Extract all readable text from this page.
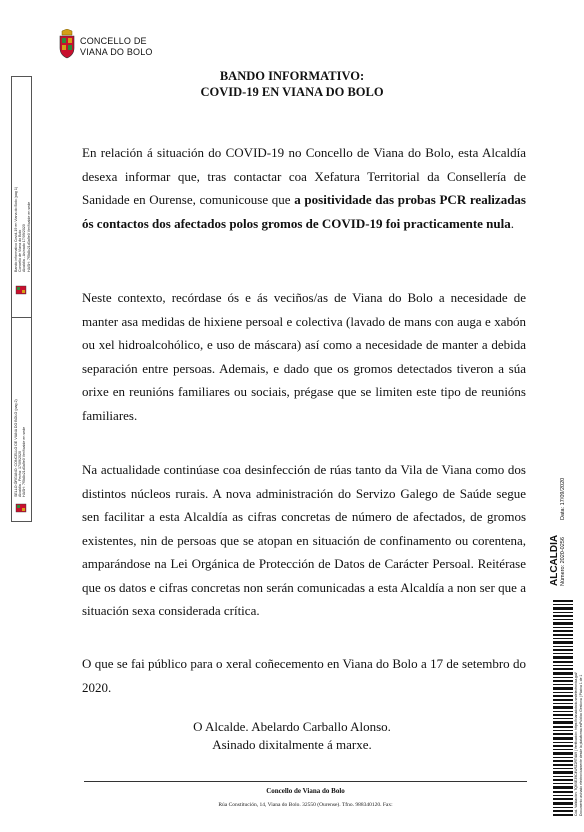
CONCELLO DE
VIANA DO BOLO
Bando informativo Covid-19 en Viana do Bolo (pag 1)
Concello de Viana do Bolo
Alcaldía - Asinado 17/09/2020
HASH: 7f5b8c21d3a9e0 Verificable en sede
SELLO ÓRGANO: CONCELLO DE VIANA DO BOLO (pag 2)
Alcaldía - Fecha: 17/09/2020
HASH: 7f5b8c21d3a9e0 Verificable en sede
BANDO INFORMATIVO:
COVID-19 EN VIANA DO BOLO

En relación á situación do COVID-19 no Concello de Viana do Bolo, esta Alcaldía desexa informar que, tras contactar coa Xefatura Territorial da Consellería de Sanidade en Ourense, comunicouse que a positividade das probas PCR realizadas ós contactos dos afectados polos gromos de COVID-19 foi practicamente nula.

Neste contexto, recórdase ós e ás veciños/as de Viana do Bolo a necesidade de manter asa medidas de hixiene persoal e colectiva (lavado de mans con auga e xabón ou xel hidroalcohólico, e uso de máscara) así como a necesidade de manter a debida separación entre persoas. Ademais, e dado que os gromos detectados tiveron a súa orixe en reunións familiares ou sociais, prégase que se limiten este tipo de reunións familiares.

Na actualidade continúase coa desinfección de rúas tanto da Vila de Viana como dos distintos núcleos rurais. A nova administración do Servizo Galego de Saúde segue sen facilitar a esta Alcaldía as cifras concretas de número de afectados, de gromos existentes, nin de persoas que se atopan en situación de confinamento ou corentena, amparándose na Lei Orgánica de Protección de Datos de Carácter Persoal. Reitérase que os datos e cifras concretas non serán comunicadas a esta Alcaldía a non ser que a situación sexa considerada crítica.

O que se fai público para o xeral coñecemento en Viana do Bolo a 17 de setembro do 2020.

O Alcalde. Abelardo Carballo Alonso.
Asinado dixitalmente á marxe.
Concello de Viana do Bolo
Rúa Constitución, 14, Viana do Bolo. 32550 (Ourense). Tfno. 988340120. Fax:
ALCALDIA Número: 2020-0256
Data: 17/09/2020
Cód. Validación: 7Q6XE39C4W5Z2RT4A9 | Verificación: https://vianadobolo.sedelectronica.gal/ Documento asinado electronicamente desde la plataforma esPublico Gestiona | Páxina 1 de 1
